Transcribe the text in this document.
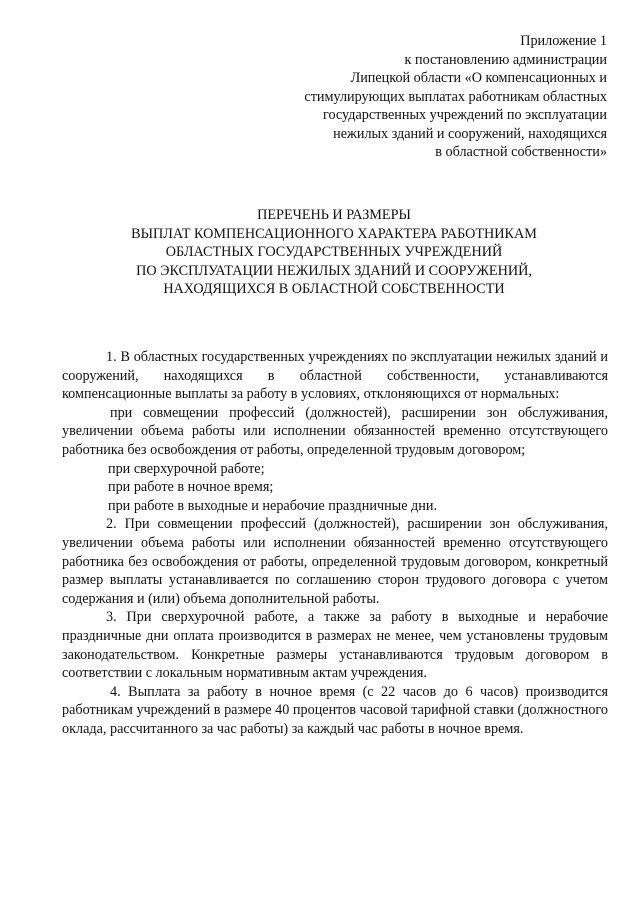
Приложение 1
к постановлению администрации
Липецкой области «О компенсационных и
стимулирующих выплатах работникам областных
государственных учреждений по эксплуатации
нежилых зданий и сооружений, находящихся
в областной собственности»
ПЕРЕЧЕНЬ И РАЗМЕРЫ
ВЫПЛАТ КОМПЕНСАЦИОННОГО ХАРАКТЕРА РАБОТНИКАМ
ОБЛАСТНЫХ ГОСУДАРСТВЕННЫХ УЧРЕЖДЕНИЙ
ПО ЭКСПЛУАТАЦИИ НЕЖИЛЫХ ЗДАНИЙ И СООРУЖЕНИЙ,
НАХОДЯЩИХСЯ В ОБЛАСТНОЙ СОБСТВЕННОСТИ

1. В областных государственных учреждениях по эксплуатации нежилых зданий и сооружений, находящихся в областной собственности, устанавливаются компенсационные выплаты за работу в условиях, отклоняющихся от нормальных:

при совмещении профессий (должностей), расширении зон обслуживания, увеличении объема работы или исполнении обязанностей временно отсутствующего работника без освобождения от работы, определенной трудовым договором;

при сверхурочной работе;

при работе в ночное время;

при работе в выходные и нерабочие праздничные дни.

2. При совмещении профессий (должностей), расширении зон обслуживания, увеличении объема работы или исполнении обязанностей временно отсутствующего работника без освобождения от работы, определенной трудовым договором, конкретный размер выплаты устанавливается по соглашению сторон трудового договора с учетом содержания и (или) объема дополнительной работы.

3. При сверхурочной работе, а также за работу в выходные и нерабочие праздничные дни оплата производится в размерах не менее, чем установлены трудовым законодательством. Конкретные размеры устанавливаются трудовым договором в соответствии с локальным нормативным актам учреждения.

4. Выплата за работу в ночное время (с 22 часов до 6 часов) производится работникам учреждений в размере 40 процентов часовой тарифной ставки (должностного оклада, рассчитанного за час работы) за каждый час работы в ночное время.
